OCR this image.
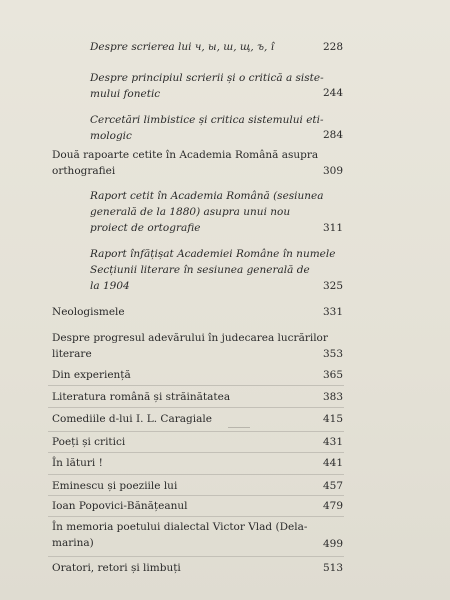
Despre scrierea lui ч, ы, ш, щ, ъ, î	228
Despre principiul scrierii și o critică a siste-
mului fonetic	244
Cercetări limbistice și critica sistemului eti-
mologic	284
Două rapoarte cetite în Academia Română asupra
orthografiei	309
Raport cetit în Academia Română (sesiunea
generală de la 1880) asupra unui nou
proiect de ortografie	311
Raport înfățișat Academiei Române în numele
Secțiunii literare în sesiunea generală de
la 1904	325
Neologismele	331
Despre progresul adevărului în judecarea lucrărilor
literare	353
Din experiență	365
Literatura română și străinătatea	383
Comediile d-lui I. L. Caragiale	415
Poeți și critici	431
În lături !	441
Eminescu și poeziile lui	457
Ioan Popovici-Bănățeanul	479
În memoria poetului dialectal Victor Vlad (Dela-
marina)	499
Oratori, retori și limbuți	513
